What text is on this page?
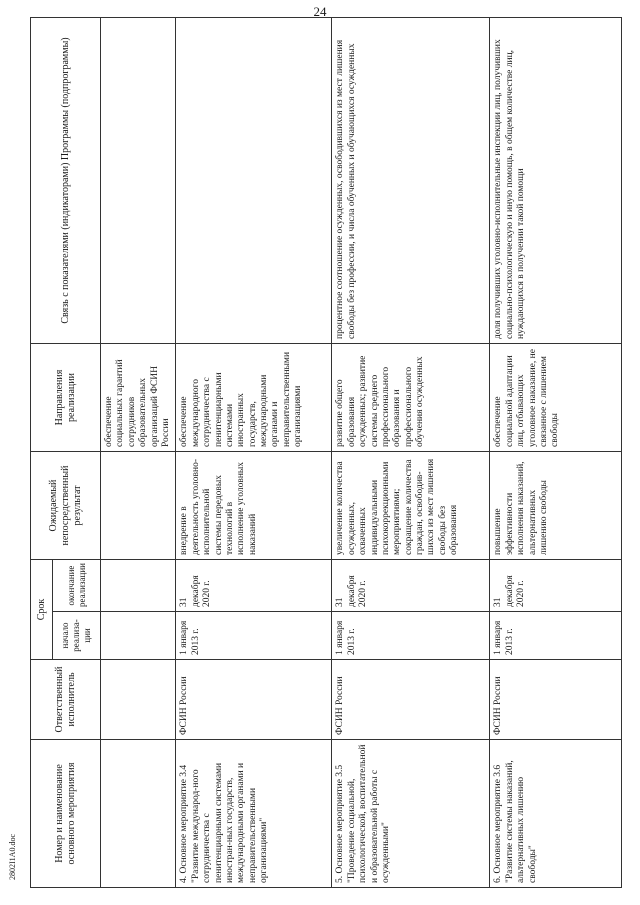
24
Номер и наименование основного мероприятия	Ответственный исполнитель	Срок		Ожидаемый непосредственный результат	Направления реализации	Связь с показателями (индикаторами) Программы (подпрограммы)
		начало реализа-ции	окончание реализации			
					обеспечение социальных гарантий сотрудников образовательных организаций ФСИН России	
4. Основное мероприятие 3.4 "Развитие международ-ного сотрудничества с пенитенциарными системами иностран-ных государств, международными органами и неправительственными организациями"	ФСИН России	1 января 2013 г.	31 декабря 2020 г.	внедрение в деятельность уголовно-исполнительной системы передовых технологий в исполнение уголовных наказаний	обеспечение международного сотрудничества с пенитенциарными системами иностранных государств, международными органами и неправительственными организациями	
5. Основное мероприятие 3.5 "Проведение социальной, психологической, воспитательной и образовательной работы с осужденными"	ФСИН России	1 января 2013 г.	31 декабря 2020 г.	увеличение количества осужденных, охваченных индивидуальными психокоррекционными мероприятиями; сокращение количества граждан, освободив-шихся из мест лишения свободы без образования	развитие общего образования осужденных; развитие системы среднего профессионального образования и профессионального обучения осужденных	процентное соотношение осужденных, освободившихся из мест лишения свободы без профессии, и числа обученных и обучающихся осужденных
6. Основное мероприятие 3.6 "Развитие системы наказаний, альтернативных лишению свободы"	ФСИН России	1 января 2013 г.	31 декабря 2020 г.	повышение эффективности исполнения наказаний, альтернативных лишению свободы	обеспечение социальной адаптации лиц, отбывающих уголовное наказание, не связанное с лишением свободы	доля получивших уголовно-исполнительные инспекции лиц, получивших социально-психологическую и иную помощь, в общем количестве лиц, нуждающихся в получении такой помощи
2802I1A0.doc
